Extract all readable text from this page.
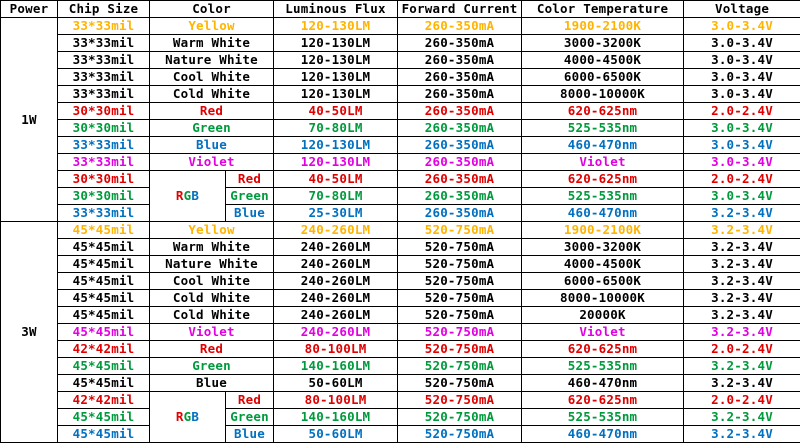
Power	Chip Size	Color		Luminous Flux	Forward Current	Color Temperature	Voltage
1W	33*33mil	Yellow		120-130LM	260-350mA	1900-2100K	3.0-3.4V
	33*33mil	Warm White		120-130LM	260-350mA	3000-3200K	3.0-3.4V
	33*33mil	Nature White		120-130LM	260-350mA	4000-4500K	3.0-3.4V
	33*33mil	Cool White		120-130LM	260-350mA	6000-6500K	3.0-3.4V
	33*33mil	Cold White		120-130LM	260-350mA	8000-10000K	3.0-3.4V
	30*30mil	Red		40-50LM	260-350mA	620-625nm	2.0-2.4V
	30*30mil	Green		70-80LM	260-350mA	525-535nm	3.0-3.4V
	33*33mil	Blue		120-130LM	260-350mA	460-470nm	3.0-3.4V
	33*33mil	Violet		120-130LM	260-350mA	Violet	3.0-3.4V
	30*30mil	RGB	Red	40-50LM	260-350mA	620-625nm	2.0-2.4V
	30*30mil		Green	70-80LM	260-350mA	525-535nm	3.0-3.4V
	33*33mil		Blue	25-30LM	260-350mA	460-470nm	3.2-3.4V
3W	45*45mil	Yellow		240-260LM	520-750mA	1900-2100K	3.2-3.4V
	45*45mil	Warm White		240-260LM	520-750mA	3000-3200K	3.2-3.4V
	45*45mil	Nature White		240-260LM	520-750mA	4000-4500K	3.2-3.4V
	45*45mil	Cool White		240-260LM	520-750mA	6000-6500K	3.2-3.4V
	45*45mil	Cold White		240-260LM	520-750mA	8000-10000K	3.2-3.4V
	45*45mil	Cold White		240-260LM	520-750mA	20000K	3.2-3.4V
	45*45mil	Violet		240-260LM	520-750mA	Violet	3.2-3.4V
	42*42mil	Red		80-100LM	520-750mA	620-625nm	2.0-2.4V
	45*45mil	Green		140-160LM	520-750mA	525-535nm	3.2-3.4V
	45*45mil	Blue		50-60LM	520-750mA	460-470nm	3.2-3.4V
	42*42mil	RGB	Red	80-100LM	520-750mA	620-625nm	2.0-2.4V
	45*45mil		Green	140-160LM	520-750mA	525-535nm	3.2-3.4V
	45*45mil		Blue	50-60LM	520-750mA	460-470nm	3.2-3.4V
